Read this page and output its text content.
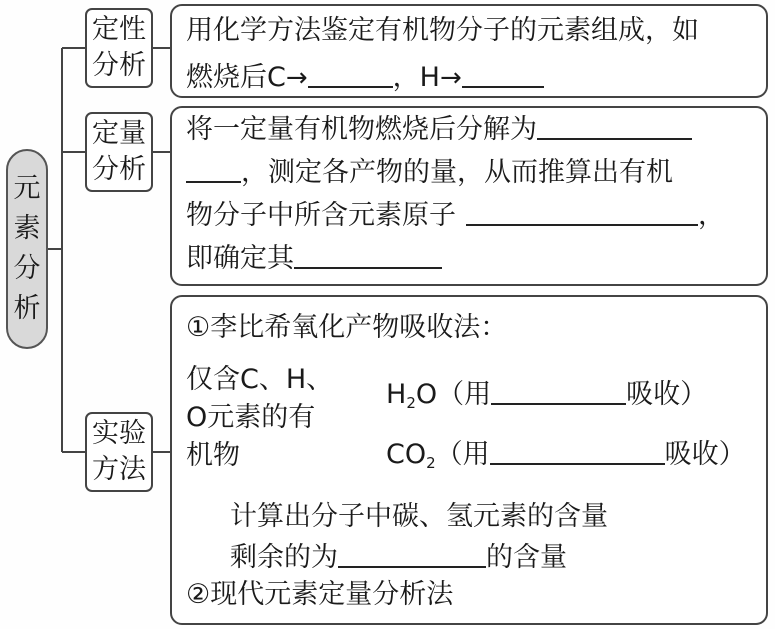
元
素
分
析
定性
分析
用化学方法鉴定有机物分子的元素组成，如
燃烧后C→	，H→
定量
分析
将一定量有机物燃烧后分解为
，测定各产物的量，从而推算出有机
物分子中所含元素原子	，
即确定其
实验
方法
①李比希氧化产物吸收法：
仅含C、H、
O元素的有
机物
$H_2O$（用	吸收）
$CO_2$（用	吸收）
计算出分子中碳、氢元素的含量
剩余的为	的含量
②现代元素定量分析法
